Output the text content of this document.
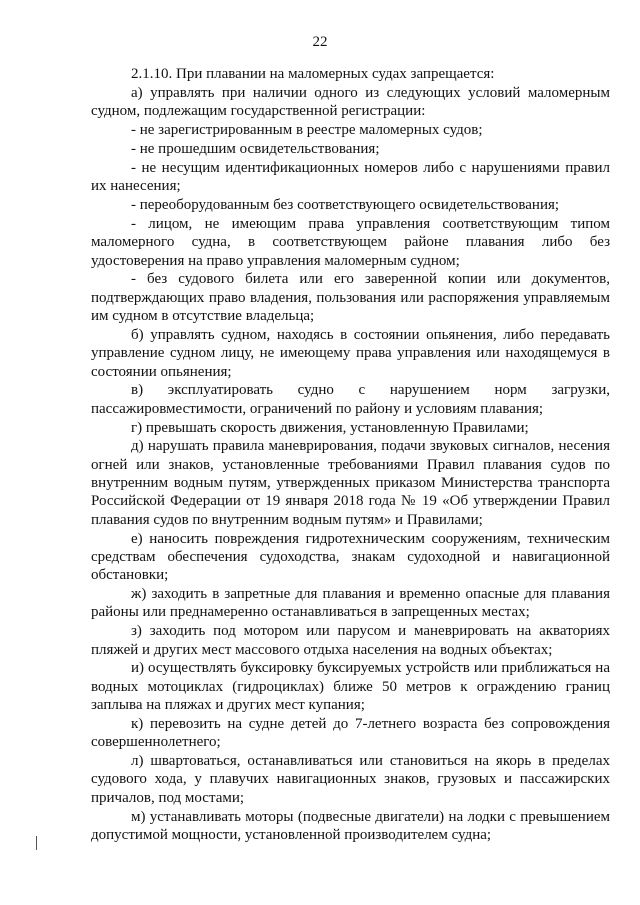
22

2.1.10. При плавании на маломерных судах запрещается:

а) управлять при наличии одного из следующих условий маломерным судном, подлежащим государственной регистрации:

- не зарегистрированным в реестре маломерных судов;

- не прошедшим освидетельствования;

- не несущим идентификационных номеров либо с нарушениями правил их нанесения;

- переоборудованным без соответствующего освидетельствования;

- лицом, не имеющим права управления соответствующим типом маломерного судна, в соответствующем районе плавания либо без удостоверения на право управления маломерным судном;

- без судового билета или его заверенной копии или документов, подтверждающих право владения, пользования или распоряжения управляемым им судном в отсутствие владельца;

б) управлять судном, находясь в состоянии опьянения, либо передавать управление судном лицу, не имеющему права управления или находящемуся в состоянии опьянения;

в) эксплуатировать судно с нарушением норм загрузки, пассажировместимости, ограничений по району и условиям плавания;

г) превышать скорость движения, установленную Правилами;

д) нарушать правила маневрирования, подачи звуковых сигналов, несения огней или знаков, установленные требованиями Правил плавания судов по внутренним водным путям, утвержденных приказом Министерства транспорта Российской Федерации от 19 января 2018 года № 19 «Об утверждении Правил плавания судов по внутренним водным путям» и Правилами;

е) наносить повреждения гидротехническим сооружениям, техническим средствам обеспечения судоходства, знакам судоходной и навигационной обстановки;

ж) заходить в запретные для плавания и временно опасные для плавания районы или преднамеренно останавливаться в запрещенных местах;

з) заходить под мотором или парусом и маневрировать на акваториях пляжей и других мест массового отдыха населения на водных объектах;

и) осуществлять буксировку буксируемых устройств или приближаться на водных мотоциклах (гидроциклах) ближе 50 метров к ограждению границ заплыва на пляжах и других мест купания;

к) перевозить на судне детей до 7-летнего возраста без сопровождения совершеннолетнего;

л) швартоваться, останавливаться или становиться на якорь в пределах судового хода, у плавучих навигационных знаков, грузовых и пассажирских причалов, под мостами;

м) устанавливать моторы (подвесные двигатели) на лодки с превышением допустимой мощности, установленной производителем судна;
